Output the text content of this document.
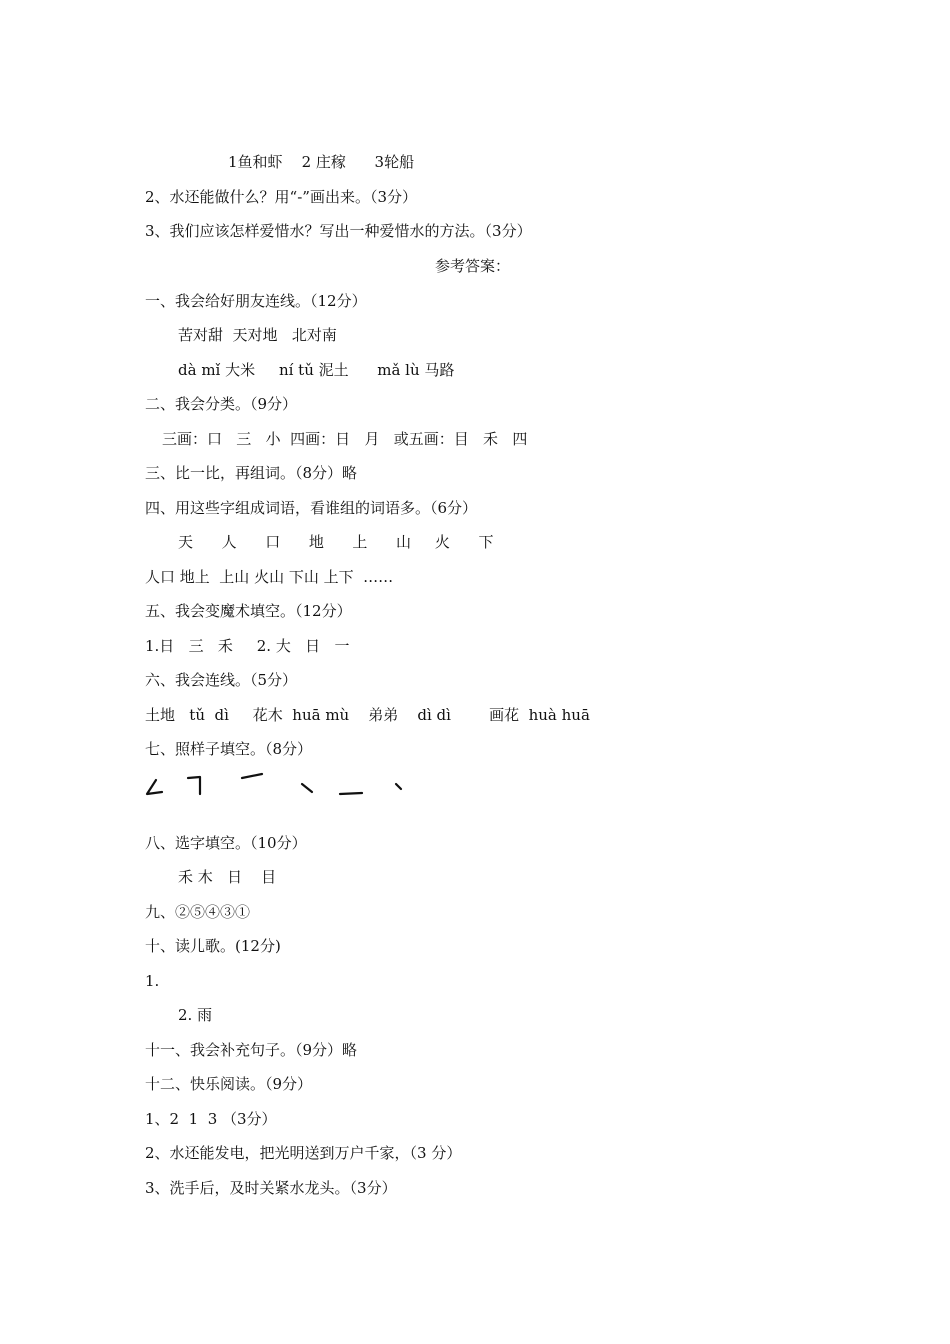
1鱼和虾    2 庄稼      3轮船
2、水还能做什么？用“-”画出来。（3分）
3、我们应该怎样爱惜水？写出一种爱惜水的方法。（3分）
参考答案：
一、我会给好朋友连线。（12分）
苦对甜  天对地   北对南
dà mǐ 大米     ní tǔ 泥土      mǎ lù 马路
二、我会分类。（9分）
三画：口   三   小  四画：日   月   或五画：目   禾   四
三、比一比，再组词。（8分）略
四、用这些字组成词语，看谁组的词语多。（6分）
天      人      口      地      上      山     火      下
人口 地上  上山 火山 下山 上下  ……
五、我会变魔术填空。（12分）
1.日   三   禾     2. 大   日   一
六、我会连线。（5分）
土地   tǔ  dì     花木  huā mù    弟弟    dì dì        画花  huà huā
七、照样子填空。（8分）
八、选字填空。（10分）
禾 木   日    目
九、②⑤④③①
十、读儿歌。(12分)
1.
2. 雨
十一、我会补充句子。（9分）略
十二、快乐阅读。（9分）
1、2  1  3 （3分）
2、水还能发电，把光明送到万户千家，（3 分）
3、洗手后，及时关紧水龙头。（3分）
